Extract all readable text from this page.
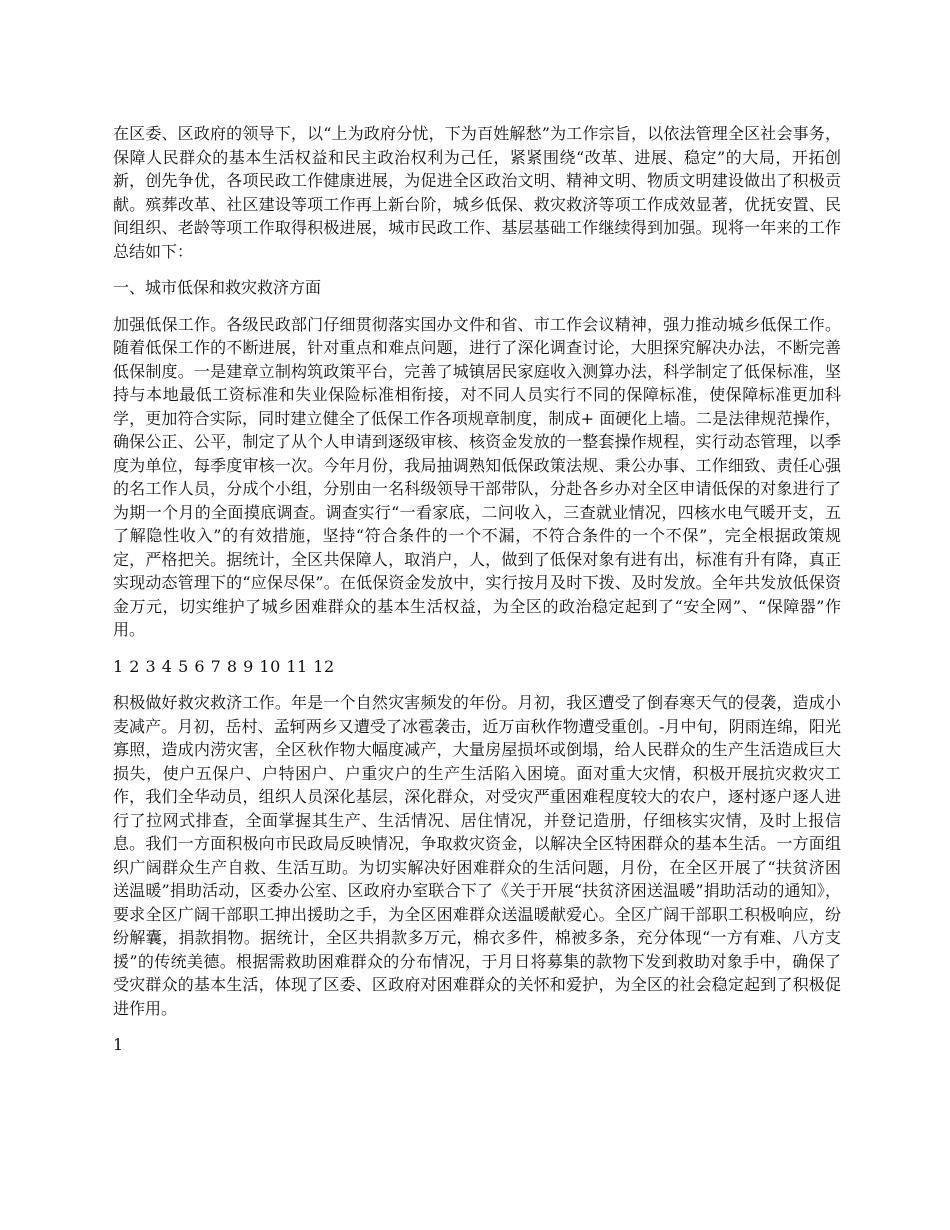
在区委、区政府的领导下，以“上为政府分忧，下为百姓解愁”为工作宗旨，以依法管理全区社会事务，保障人民群众的基本生活权益和民主政治权利为己任，紧紧围绕“改革、进展、稳定”的大局，开拓创新，创先争优，各项民政工作健康进展，为促进全区政治文明、精神文明、物质文明建设做出了积极贡献。殡葬改革、社区建设等项工作再上新台阶，城乡低保、救灾救济等项工作成效显著，优抚安置、民间组织、老龄等项工作取得积极进展，城市民政工作、基层基础工作继续得到加强。现将一年来的工作总结如下：

一、城市低保和救灾救济方面

加强低保工作。各级民政部门仔细贯彻落实国办文件和省、市工作会议精神，强力推动城乡低保工作。随着低保工作的不断进展，针对重点和难点问题，进行了深化调查讨论，大胆探究解决办法，不断完善低保制度。一是建章立制构筑政策平台，完善了城镇居民家庭收入测算办法，科学制定了低保标准，坚持与本地最低工资标准和失业保险标准相衔接，对不同人员实行不同的保障标准，使保障标准更加科学，更加符合实际，同时建立健全了低保工作各项规章制度，制成+ 面硬化上墙。二是法律规范操作，确保公正、公平，制定了从个人申请到逐级审核、核资金发放的一整套操作规程，实行动态管理，以季度为单位，每季度审核一次。今年月份，我局抽调熟知低保政策法规、秉公办事、工作细致、责任心强的名工作人员，分成个小组，分别由一名科级领导干部带队，分赴各乡办对全区申请低保的对象进行了为期一个月的全面摸底调查。调查实行“一看家底，二问收入，三查就业情况，四核水电气暖开支，五了解隐性收入”的有效措施，坚持“符合条件的一个不漏，不符合条件的一个不保”，完全根据政策规定，严格把关。据统计，全区共保障人，取消户，人，做到了低保对象有进有出，标准有升有降，真正实现动态管理下的“应保尽保”。在低保资金发放中，实行按月及时下拨、及时发放。全年共发放低保资金万元，切实维护了城乡困难群众的基本生活权益，为全区的政治稳定起到了“安全网”、“保障器”作用。

1 2 3 4 5 6 7 8 9 10 11 12

积极做好救灾救济工作。年是一个自然灾害频发的年份。月初，我区遭受了倒春寒天气的侵袭，造成小麦减产。月初，岳村、孟轲两乡又遭受了冰雹袭击，近万亩秋作物遭受重创。-月中旬，阴雨连绵，阳光寡照，造成内涝灾害，全区秋作物大幅度减产，大量房屋损坏或倒塌，给人民群众的生产生活造成巨大损失，使户五保户、户特困户、户重灾户的生产生活陷入困境。面对重大灾情，积极开展抗灾救灾工作，我们全华动员，组织人员深化基层，深化群众，对受灾严重困难程度较大的农户，逐村逐户逐人进行了拉网式排查，全面掌握其生产、生活情况、居住情况，并登记造册，仔细核实灾情，及时上报信息。我们一方面积极向市民政局反映情况，争取救灾资金，以解决全区特困群众的基本生活。一方面组织广阔群众生产自救、生活互助。为切实解决好困难群众的生活问题，月份，在全区开展了“扶贫济困送温暖”捐助活动，区委办公室、区政府办室联合下了《关于开展“扶贫济困送温暖”捐助活动的通知》，要求全区广阔干部职工抻出援助之手，为全区困难群众送温暖献爱心。全区广阔干部职工积极响应，纷纷解囊，捐款捐物。据统计，全区共捐款多万元，棉衣多件，棉被多条，充分体现“一方有难、八方支援”的传统美德。根据需救助困难群众的分布情况，于月日将募集的款物下发到救助对象手中，确保了受灾群众的基本生活，体现了区委、区政府对困难群众的关怀和爱护，为全区的社会稳定起到了积极促进作用。

1
